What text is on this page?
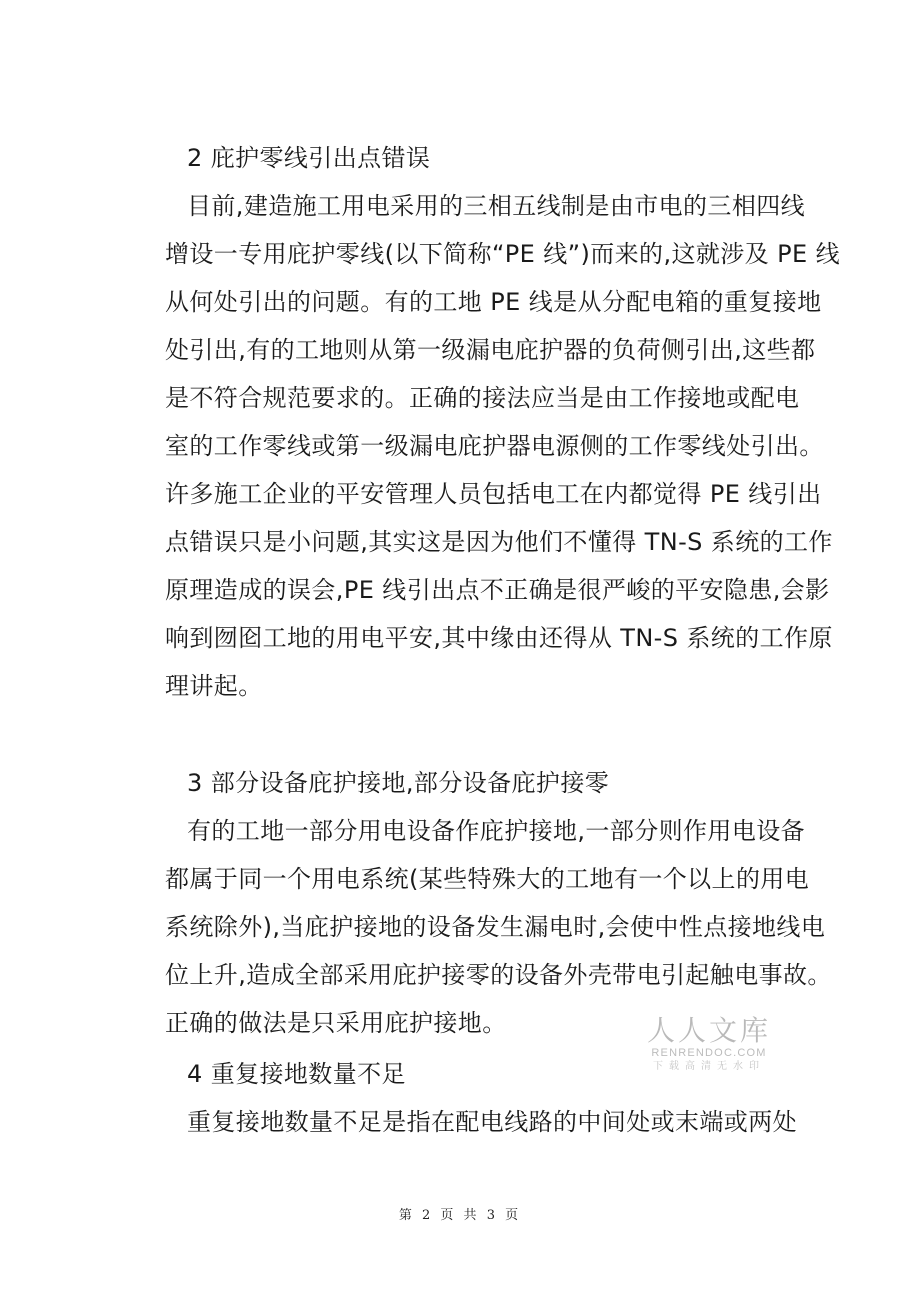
2 庇护零线引出点错误
目前,建造施工用电采用的三相五线制是由市电的三相四线
增设一专用庇护零线(以下简称“PE 线”)而来的,这就涉及 PE 线
从何处引出的问题。有的工地 PE 线是从分配电箱的重复接地
处引出,有的工地则从第一级漏电庇护器的负荷侧引出,这些都
是不符合规范要求的。正确的接法应当是由工作接地或配电
室的工作零线或第一级漏电庇护器电源侧的工作零线处引出。
许多施工企业的平安管理人员包括电工在内都觉得 PE 线引出
点错误只是小问题,其实这是因为他们不懂得 TN-S 系统的工作
原理造成的误会,PE 线引出点不正确是很严峻的平安隐患,会影
响到囫囵工地的用电平安,其中缘由还得从 TN-S 系统的工作原
理讲起。
3 部分设备庇护接地,部分设备庇护接零
有的工地一部分用电设备作庇护接地,一部分则作用电设备
都属于同一个用电系统(某些特殊大的工地有一个以上的用电
系统除外),当庇护接地的设备发生漏电时,会使中性点接地线电
位上升,造成全部采用庇护接零的设备外壳带电引起触电事故。
正确的做法是只采用庇护接地。
4 重复接地数量不足
重复接地数量不足是指在配电线路的中间处或末端或两处
人人文库
RENRENDOC.COM
下载高清无水印
第 2 页 共 3 页
